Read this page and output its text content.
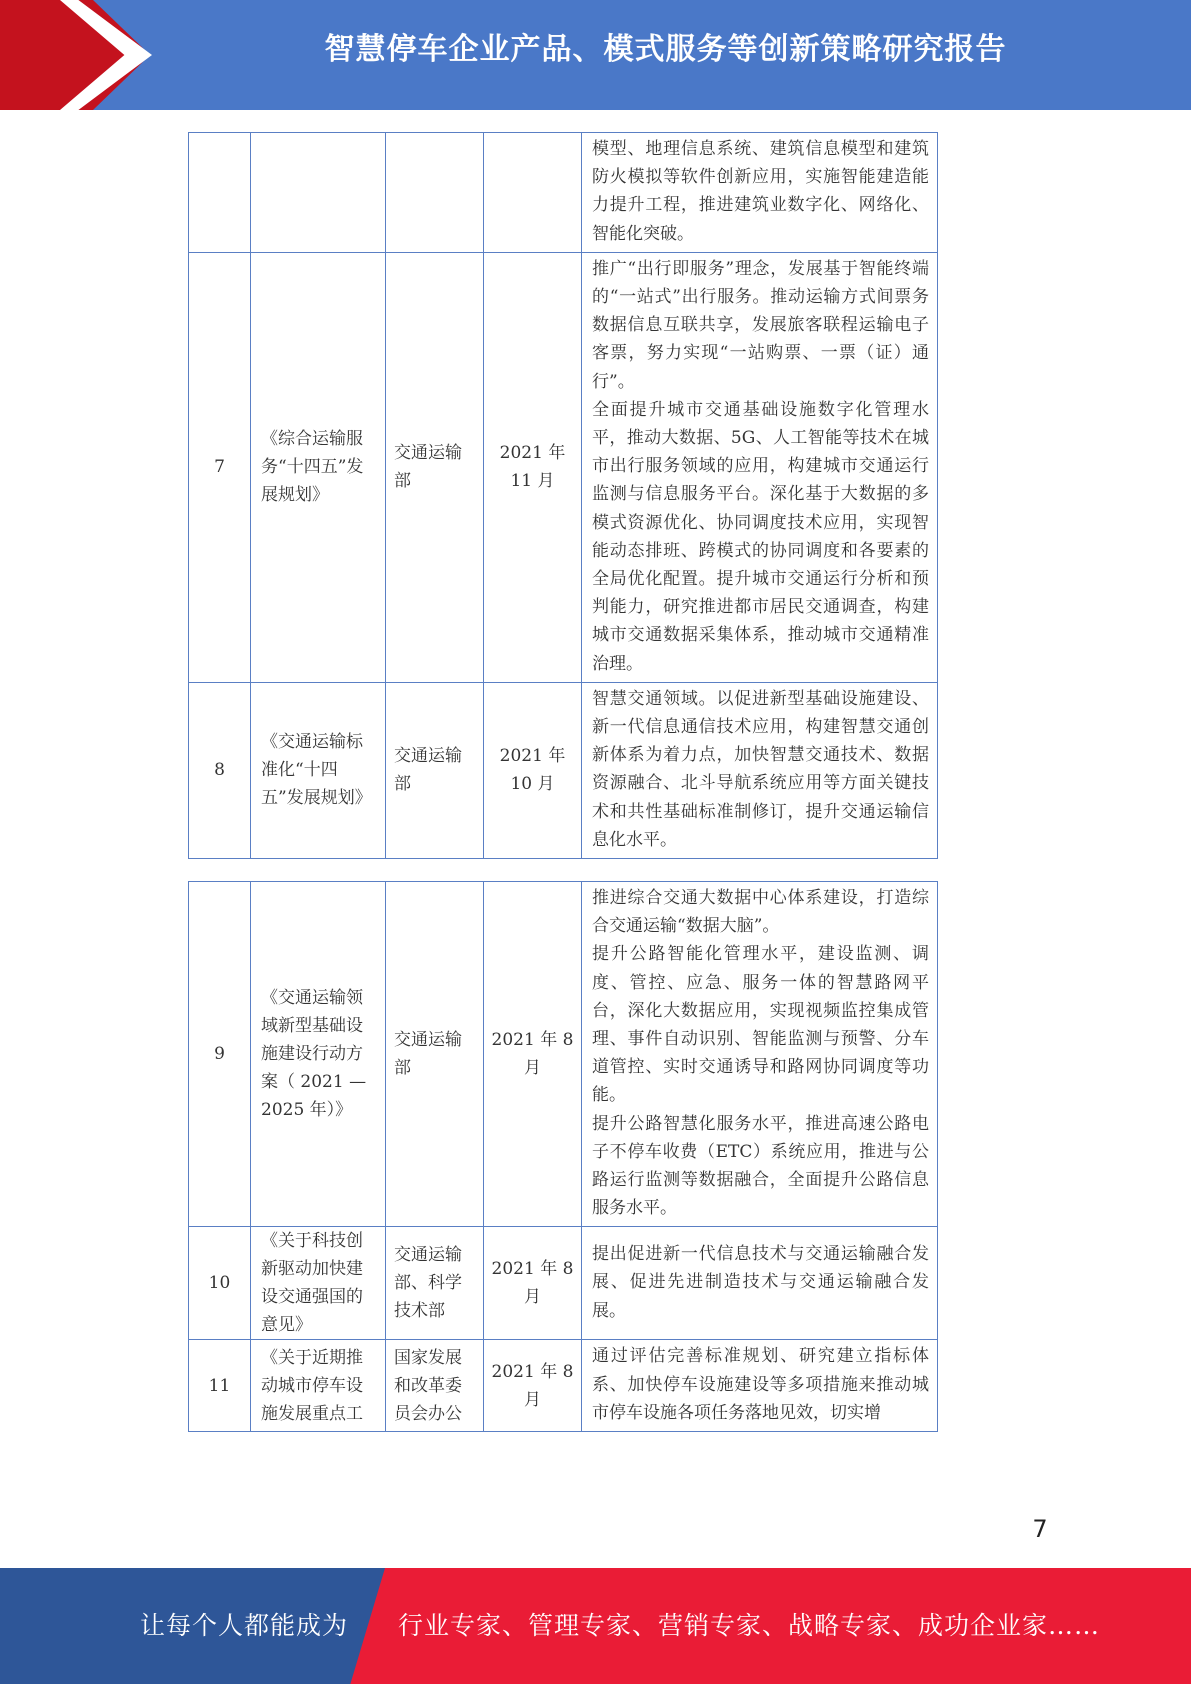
智慧停车企业产品、模式服务等创新策略研究报告

				模型、地理信息系统、建筑信息模型和建筑防火模拟等软件创新应用，实施智能建造能力提升工程，推进建筑业数字化、网络化、智能化突破。

7	《综合运输服务“十四五”发展规划》	交通运输部	2021 年 11 月	推广“出行即服务”理念，发展基于智能终端的“一站式”出行服务。推动运输方式间票务数据信息互联共享，发展旅客联程运输电子客票，努力实现“一站购票、一票（证）通行”。
全面提升城市交通基础设施数字化管理水平，推动大数据、5G、人工智能等技术在城市出行服务领域的应用，构建城市交通运行监测与信息服务平台。深化基于大数据的多模式资源优化、协同调度技术应用，实现智能动态排班、跨模式的协同调度和各要素的全局优化配置。提升城市交通运行分析和预判能力，研究推进都市居民交通调查，构建城市交通数据采集体系，推动城市交通精准治理。

8	《交通运输标准化“十四五”发展规划》	交通运输部	2021 年 10 月	智慧交通领域。以促进新型基础设施建设、新一代信息通信技术应用，构建智慧交通创新体系为着力点，加快智慧交通技术、数据资源融合、北斗导航系统应用等方面关键技术和共性基础标准制修订，提升交通运输信息化水平。
9	《交通运输领域新型基础设施建设行动方案（ 2021 — 2025 年）》	交通运输部	2021 年 8 月	推进综合交通大数据中心体系建设，打造综合交通运输“数据大脑”。
提升公路智能化管理水平，建设监测、调度、管控、应急、服务一体的智慧路网平台，深化大数据应用，实现视频监控集成管理、事件自动识别、智能监测与预警、分车道管控、实时交通诱导和路网协同调度等功能。
提升公路智慧化服务水平，推进高速公路电子不停车收费（ETC）系统应用，推进与公路运行监测等数据融合，全面提升公路信息服务水平。

10	《关于科技创新驱动加快建设交通强国的意见》	交通运输部、科学技术部	2021 年 8 月	提出促进新一代信息技术与交通运输融合发展、促进先进制造技术与交通运输融合发展。

11	《关于近期推动城市停车设施发展重点工	国家发展和改革委员会办公	2021 年 8 月	通过评估完善标准规划、研究建立指标体系、加快停车设施建设等多项措施来推动城市停车设施各项任务落地见效，切实增
7
让每个人都能成为 行业专家、管理专家、营销专家、战略专家、成功企业家……
